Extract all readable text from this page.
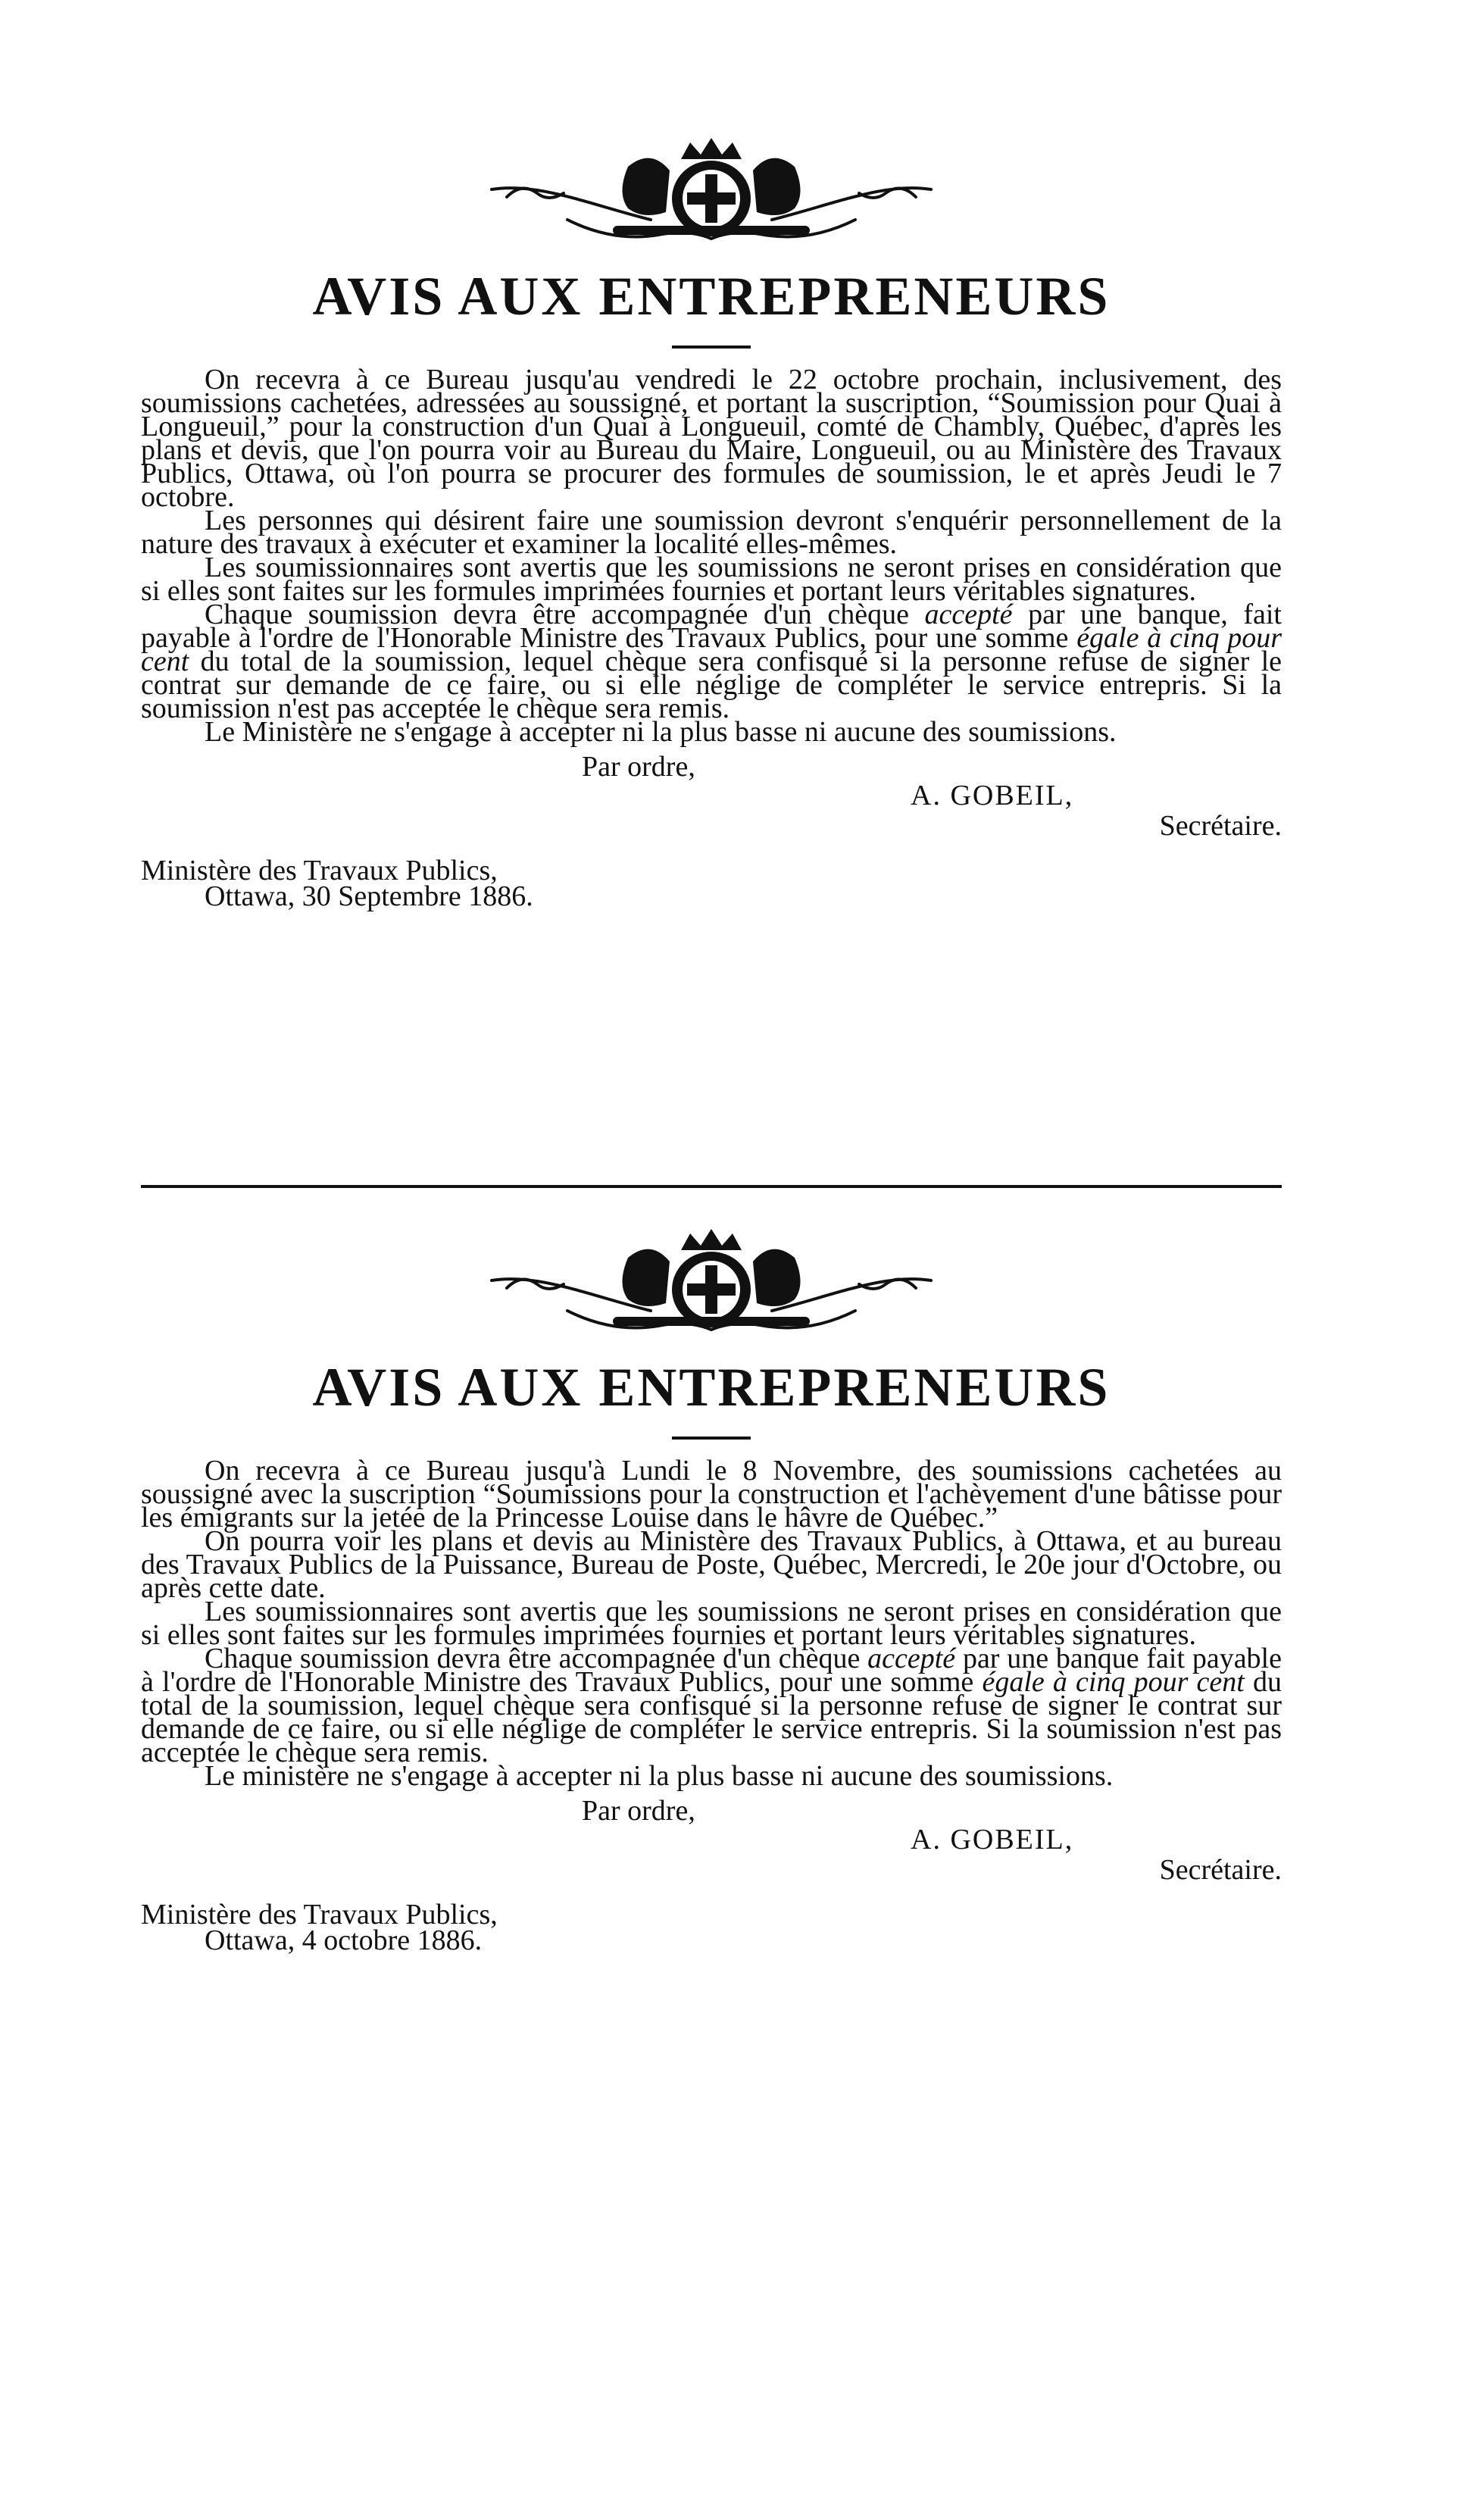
AVIS AUX ENTREPRENEURS

On recevra à ce Bureau jusqu'au vendredi le 22 octobre prochain, inclusivement, des soumissions cachetées, adressées au soussigné, et portant la suscription, “Soumission pour Quai à Longueuil,” pour la construction d'un Quai à Longueuil, comté de Chambly, Québec, d'après les plans et devis, que l'on pourra voir au Bureau du Maire, Longueuil, ou au Ministère des Travaux Publics, Ottawa, où l'on pourra se procurer des formules de soumission, le et après Jeudi le 7 octobre.

Les personnes qui désirent faire une soumission devront s'enquérir personnellement de la nature des travaux à exécuter et examiner la localité elles-mêmes.

Les soumissionnaires sont avertis que les soumissions ne seront prises en considération que si elles sont faites sur les formules imprimées fournies et portant leurs véritables signatures.

Chaque soumission devra être accompagnée d'un chèque accepté par une banque, fait payable à l'ordre de l'Honorable Ministre des Travaux Publics, pour une somme égale à cinq pour cent du total de la soumission, lequel chèque sera confisqué si la personne refuse de signer le contrat sur demande de ce faire, ou si elle néglige de compléter le service entrepris. Si la soumission n'est pas acceptée le chèque sera remis.

Le Ministère ne s'engage à accepter ni la plus basse ni aucune des soumissions.

Par ordre,
A. GOBEIL,
Secrétaire.
Ministère des Travaux Publics,
Ottawa, 30 Septembre 1886.
AVIS AUX ENTREPRENEURS

On recevra à ce Bureau jusqu'à Lundi le 8 Novembre, des soumissions cachetées au soussigné avec la suscription “Soumissions pour la construction et l'achèvement d'une bâtisse pour les émigrants sur la jetée de la Princesse Louise dans le hâvre de Québec.”

On pourra voir les plans et devis au Ministère des Travaux Publics, à Ottawa, et au bureau des Travaux Publics de la Puissance, Bureau de Poste, Québec, Mercredi, le 20e jour d'Octobre, ou après cette date.

Les soumissionnaires sont avertis que les soumissions ne seront prises en considération que si elles sont faites sur les formules imprimées fournies et portant leurs véritables signatures.

Chaque soumission devra être accompagnée d'un chèque accepté par une banque fait payable à l'ordre de l'Honorable Ministre des Travaux Publics, pour une somme égale à cinq pour cent du total de la soumission, lequel chèque sera confisqué si la personne refuse de signer le contrat sur demande de ce faire, ou si elle néglige de compléter le service entrepris. Si la soumission n'est pas acceptée le chèque sera remis.

Le ministère ne s'engage à accepter ni la plus basse ni aucune des soumissions.

Par ordre,
A. GOBEIL,
Secrétaire.
Ministère des Travaux Publics,
Ottawa, 4 octobre 1886.
